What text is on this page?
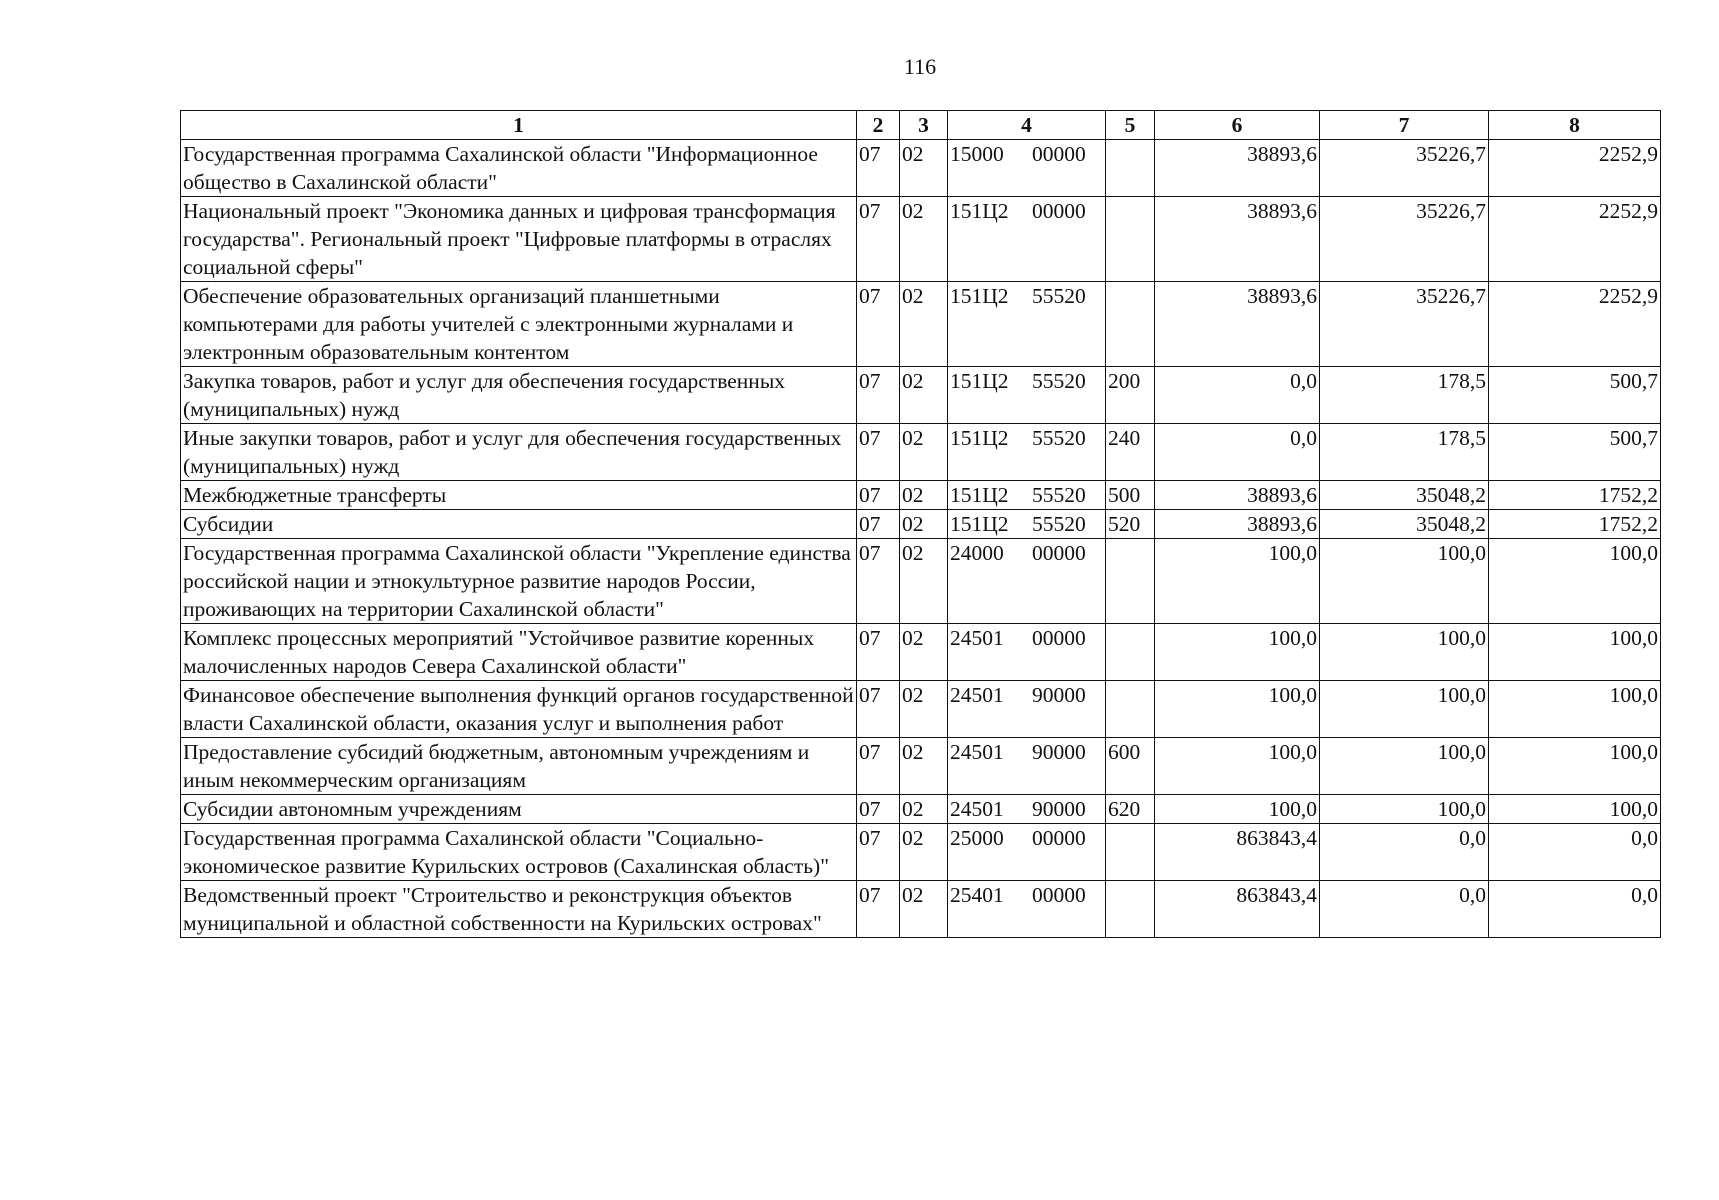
116
1	2	3	4	5	6	7	8
Государственная программа Сахалинской области "Информационное общество в Сахалинской области"	07	02	15000 00000		38893,6	35226,7	2252,9
Национальный проект "Экономика данных и цифровая трансформация государства". Региональный проект "Цифровые платформы в отраслях социальной сферы"	07	02	151Ц2 00000		38893,6	35226,7	2252,9
Обеспечение образовательных организаций планшетными компьютерами для работы учителей с электронными журналами и электронным образовательным контентом	07	02	151Ц2 55520		38893,6	35226,7	2252,9
Закупка товаров, работ и услуг для обеспечения государственных (муниципальных) нужд	07	02	151Ц2 55520	200	0,0	178,5	500,7
Иные закупки товаров, работ и услуг для обеспечения государственных (муниципальных) нужд	07	02	151Ц2 55520	240	0,0	178,5	500,7
Межбюджетные трансферты	07	02	151Ц2 55520	500	38893,6	35048,2	1752,2
Субсидии	07	02	151Ц2 55520	520	38893,6	35048,2	1752,2
Государственная программа Сахалинской области "Укрепление единства российской нации и этнокультурное развитие народов России, проживающих на территории Сахалинской области"	07	02	24000 00000		100,0	100,0	100,0
Комплекс процессных мероприятий "Устойчивое развитие коренных малочисленных народов Севера Сахалинской области"	07	02	24501 00000		100,0	100,0	100,0
Финансовое обеспечение выполнения функций органов государственной власти Сахалинской области, оказания услуг и выполнения работ	07	02	24501 90000		100,0	100,0	100,0
Предоставление субсидий бюджетным, автономным учреждениям и иным некоммерческим организациям	07	02	24501 90000	600	100,0	100,0	100,0
Субсидии автономным учреждениям	07	02	24501 90000	620	100,0	100,0	100,0
Государственная программа Сахалинской области "Социально-экономическое развитие Курильских островов (Сахалинская область)"	07	02	25000 00000		863843,4	0,0	0,0
Ведомственный проект "Строительство и реконструкция объектов муниципальной и областной собственности на Курильских островах"	07	02	25401 00000		863843,4	0,0	0,0
